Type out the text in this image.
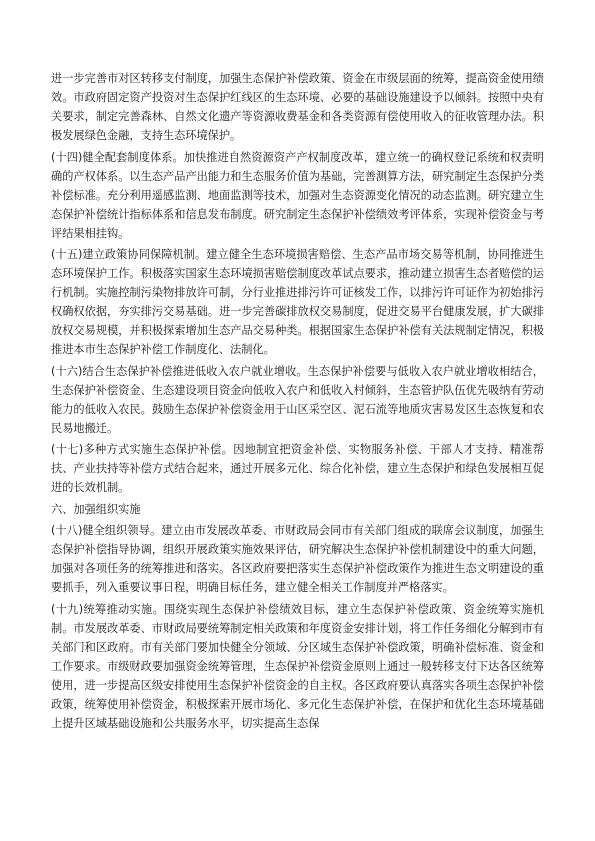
进一步完善市对区转移支付制度，加强生态保护补偿政策、资金在市级层面的统筹，提高资金使用绩效。市政府固定资产投资对生态保护红线区的生态环境、必要的基础设施建设予以倾斜。按照中央有关要求，制定完善森林、自然文化遗产等资源收费基金和各类资源有偿使用收入的征收管理办法。积极发展绿色金融，支持生态环境保护。

(十四)健全配套制度体系。加快推进自然资源资产产权制度改革，建立统一的确权登记系统和权责明确的产权体系。以生态产品产出能力和生态服务价值为基础，完善测算方法，研究制定生态保护分类补偿标准。充分利用遥感监测、地面监测等技术，加强对生态资源变化情况的动态监测。研究建立生态保护补偿统计指标体系和信息发布制度。研究制定生态保护补偿绩效考评体系，实现补偿资金与考评结果相挂钩。

(十五)建立政策协同保障机制。建立健全生态环境损害赔偿、生态产品市场交易等机制，协同推进生态环境保护工作。积极落实国家生态环境损害赔偿制度改革试点要求，推动建立损害生态者赔偿的运行机制。实施控制污染物排放许可制，分行业推进排污许可证核发工作，以排污许可证作为初始排污权确权依据，夯实排污交易基础。进一步完善碳排放权交易制度，促进交易平台健康发展，扩大碳排放权交易规模，并积极探索增加生态产品交易种类。根据国家生态保护补偿有关法规制定情况，积极推进本市生态保护补偿工作制度化、法制化。

(十六)结合生态保护补偿推进低收入农户就业增收。生态保护补偿要与低收入农户就业增收相结合，生态保护补偿资金、生态建设项目资金向低收入农户和低收入村倾斜，生态管护队伍优先吸纳有劳动能力的低收入农民。鼓励生态保护补偿资金用于山区采空区、泥石流等地质灾害易发区生态恢复和农民易地搬迁。

(十七)多种方式实施生态保护补偿。因地制宜把资金补偿、实物服务补偿、干部人才支持、精准帮扶、产业扶持等补偿方式结合起来，通过开展多元化、综合化补偿，建立生态保护和绿色发展相互促进的长效机制。

六、加强组织实施

(十八)健全组织领导。建立由市发展改革委、市财政局会同市有关部门组成的联席会议制度，加强生态保护补偿指导协调，组织开展政策实施效果评估，研究解决生态保护补偿机制建设中的重大问题，加强对各项任务的统筹推进和落实。各区政府要把落实生态保护补偿政策作为推进生态文明建设的重要抓手，列入重要议事日程，明确目标任务，建立健全相关工作制度并严格落实。

(十九)统筹推动实施。围绕实现生态保护补偿绩效目标，建立生态保护补偿政策、资金统筹实施机制。市发展改革委、市财政局要统筹制定相关政策和年度资金安排计划，将工作任务细化分解到市有关部门和区政府。市有关部门要加快健全分领域、分区域生态保护补偿政策，明确补偿标准、资金和工作要求。市级财政要加强资金统筹管理，生态保护补偿资金原则上通过一般转移支付下达各区统筹使用，进一步提高区级安排使用生态保护补偿资金的自主权。各区政府要认真落实各项生态保护补偿政策，统筹使用补偿资金，积极探索开展市场化、多元化生态保护补偿，在保护和优化生态环境基础上提升区域基础设施和公共服务水平，切实提高生态保
